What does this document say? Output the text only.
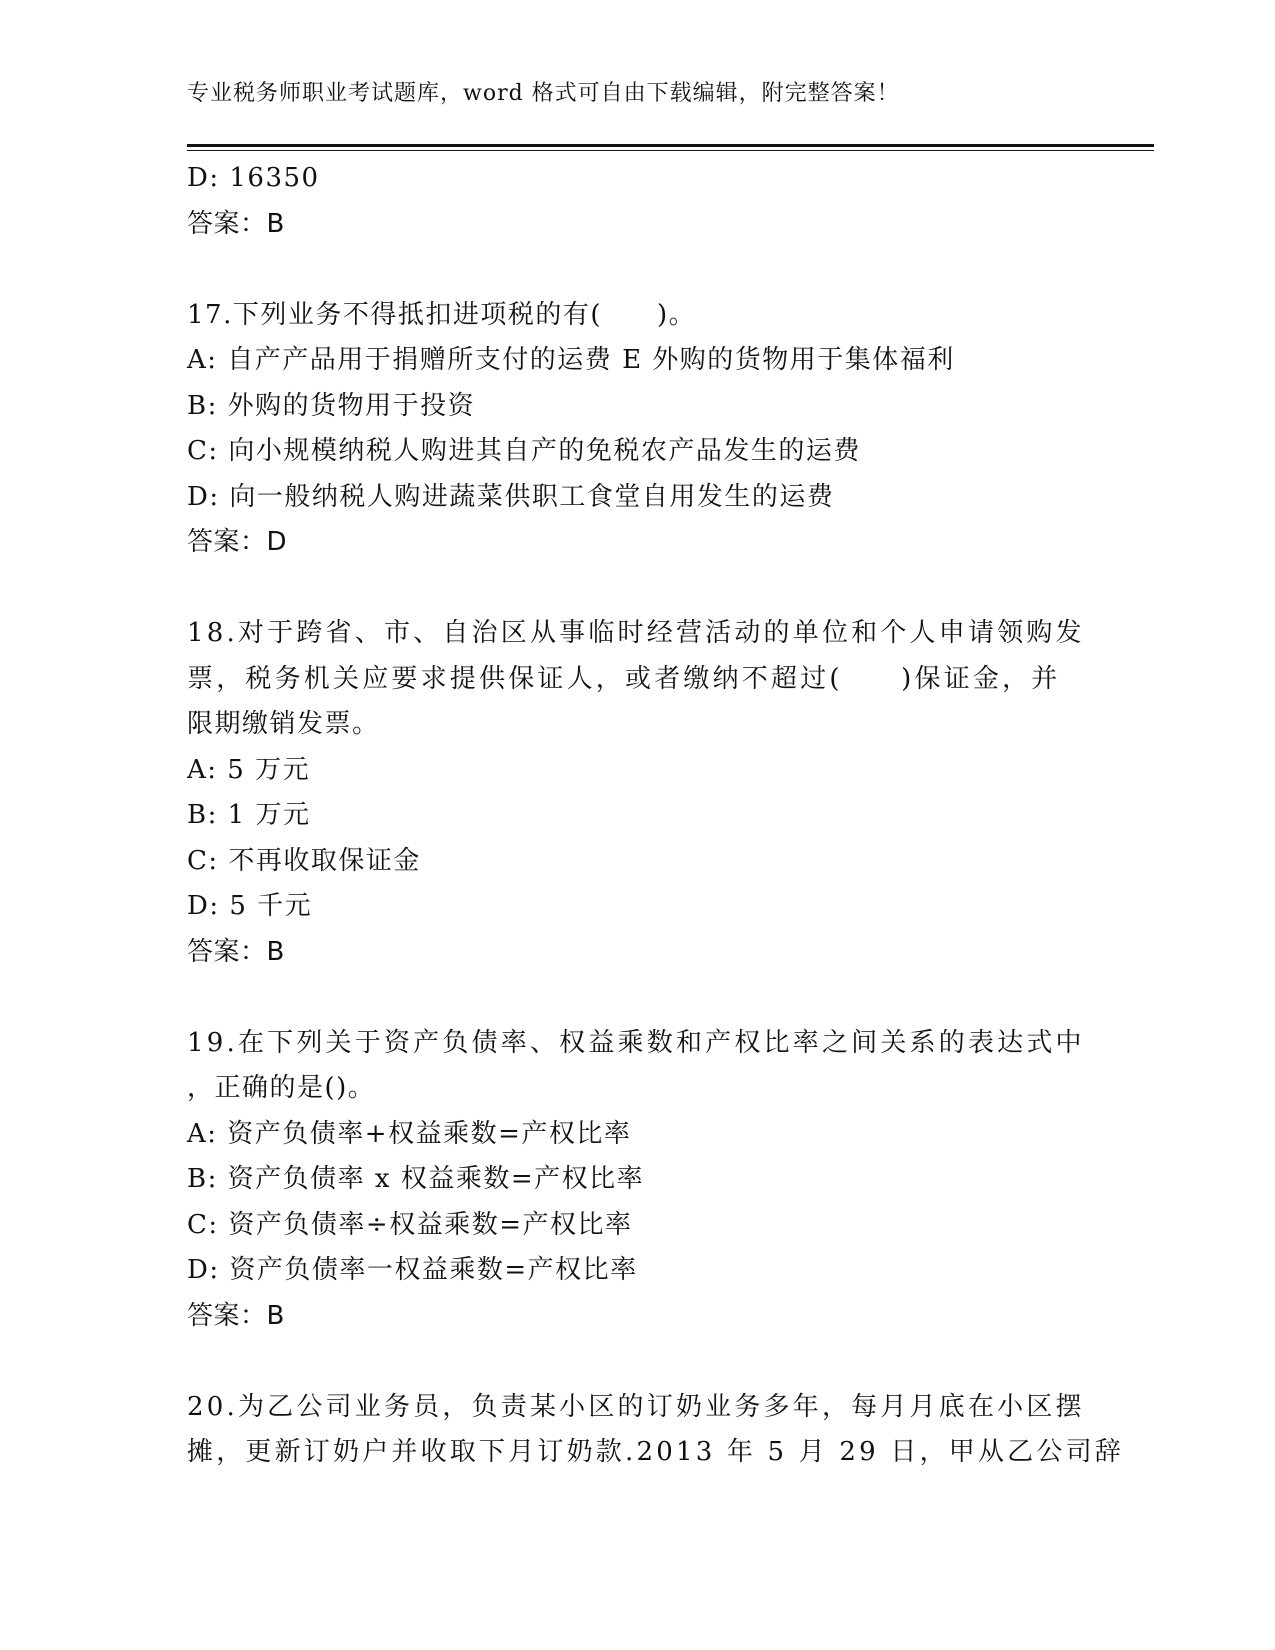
专业税务师职业考试题库，word 格式可自由下载编辑，附完整答案！
D: 16350
答案：B
17.下列业务不得抵扣进项税的有(　　)。
A: 自产产品用于捐赠所支付的运费 E 外购的货物用于集体福利
B: 外购的货物用于投资
C: 向小规模纳税人购进其自产的免税农产品发生的运费
D: 向一般纳税人购进蔬菜供职工食堂自用发生的运费
答案：D
18.对于跨省、市、自治区从事临时经营活动的单位和个人申请领购发
票，税务机关应要求提供保证人，或者缴纳不超过(　　)保证金，并
限期缴销发票。
A: 5 万元
B: 1 万元
C: 不再收取保证金
D: 5 千元
答案：B
19.在下列关于资产负债率、权益乘数和产权比率之间关系的表达式中
，正确的是()。
A: 资产负债率+权益乘数=产权比率
B: 资产负债率 x 权益乘数=产权比率
C: 资产负债率÷权益乘数=产权比率
D: 资产负债率一权益乘数=产权比率
答案：B
20.为乙公司业务员，负责某小区的订奶业务多年，每月月底在小区摆
摊，更新订奶户并收取下月订奶款.2013 年 5 月 29 日，甲从乙公司辞
